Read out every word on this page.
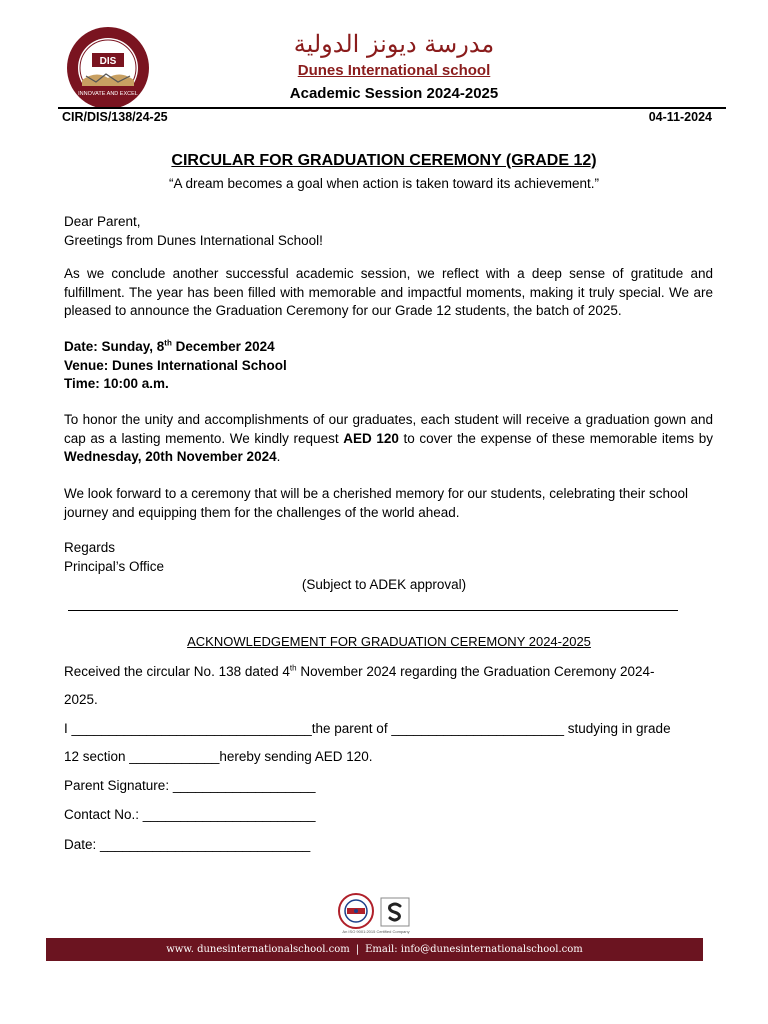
DIS
INNOVATE AND EXCEL
مدرسة ديونز الدولية
Dunes International school
Academic Session 2024-2025
CIR/DIS/138/24-25	04-11-2024
CIRCULAR FOR GRADUATION CEREMONY (GRADE 12)
“A dream becomes a goal when action is taken toward its achievement.”
Dear Parent,
Greetings from Dunes International School!
As we conclude another successful academic session, we reflect with a deep sense of gratitude and fulfillment. The year has been filled with memorable and impactful moments, making it truly special. We are pleased to announce the Graduation Ceremony for our Grade 12 students, the batch of 2025.
Date: Sunday, 8th December 2024
Venue: Dunes International School
Time: 10:00 a.m.
To honor the unity and accomplishments of our graduates, each student will receive a graduation gown and cap as a lasting memento. We kindly request AED 120 to cover the expense of these memorable items by Wednesday, 20th November 2024.
We look forward to a ceremony that will be a cherished memory for our students, celebrating their school journey and equipping them for the challenges of the world ahead.
Regards
Principal’s Office
(Subject to ADEK approval)
ACKNOWLEDGEMENT FOR GRADUATION CEREMONY 2024-2025
Received the circular No. 138 dated 4th November 2024 regarding the Graduation Ceremony 2024-
2025.
I ________________________________the parent of _______________________ studying in grade
12 section ____________hereby sending AED 120.
Parent Signature: ___________________
Contact No.: _______________________
Date: ____________________________
An ISO 9001:2015 Certified Company
www. dunesinternationalschool.com | Email: info@dunesinternationalschool.com
